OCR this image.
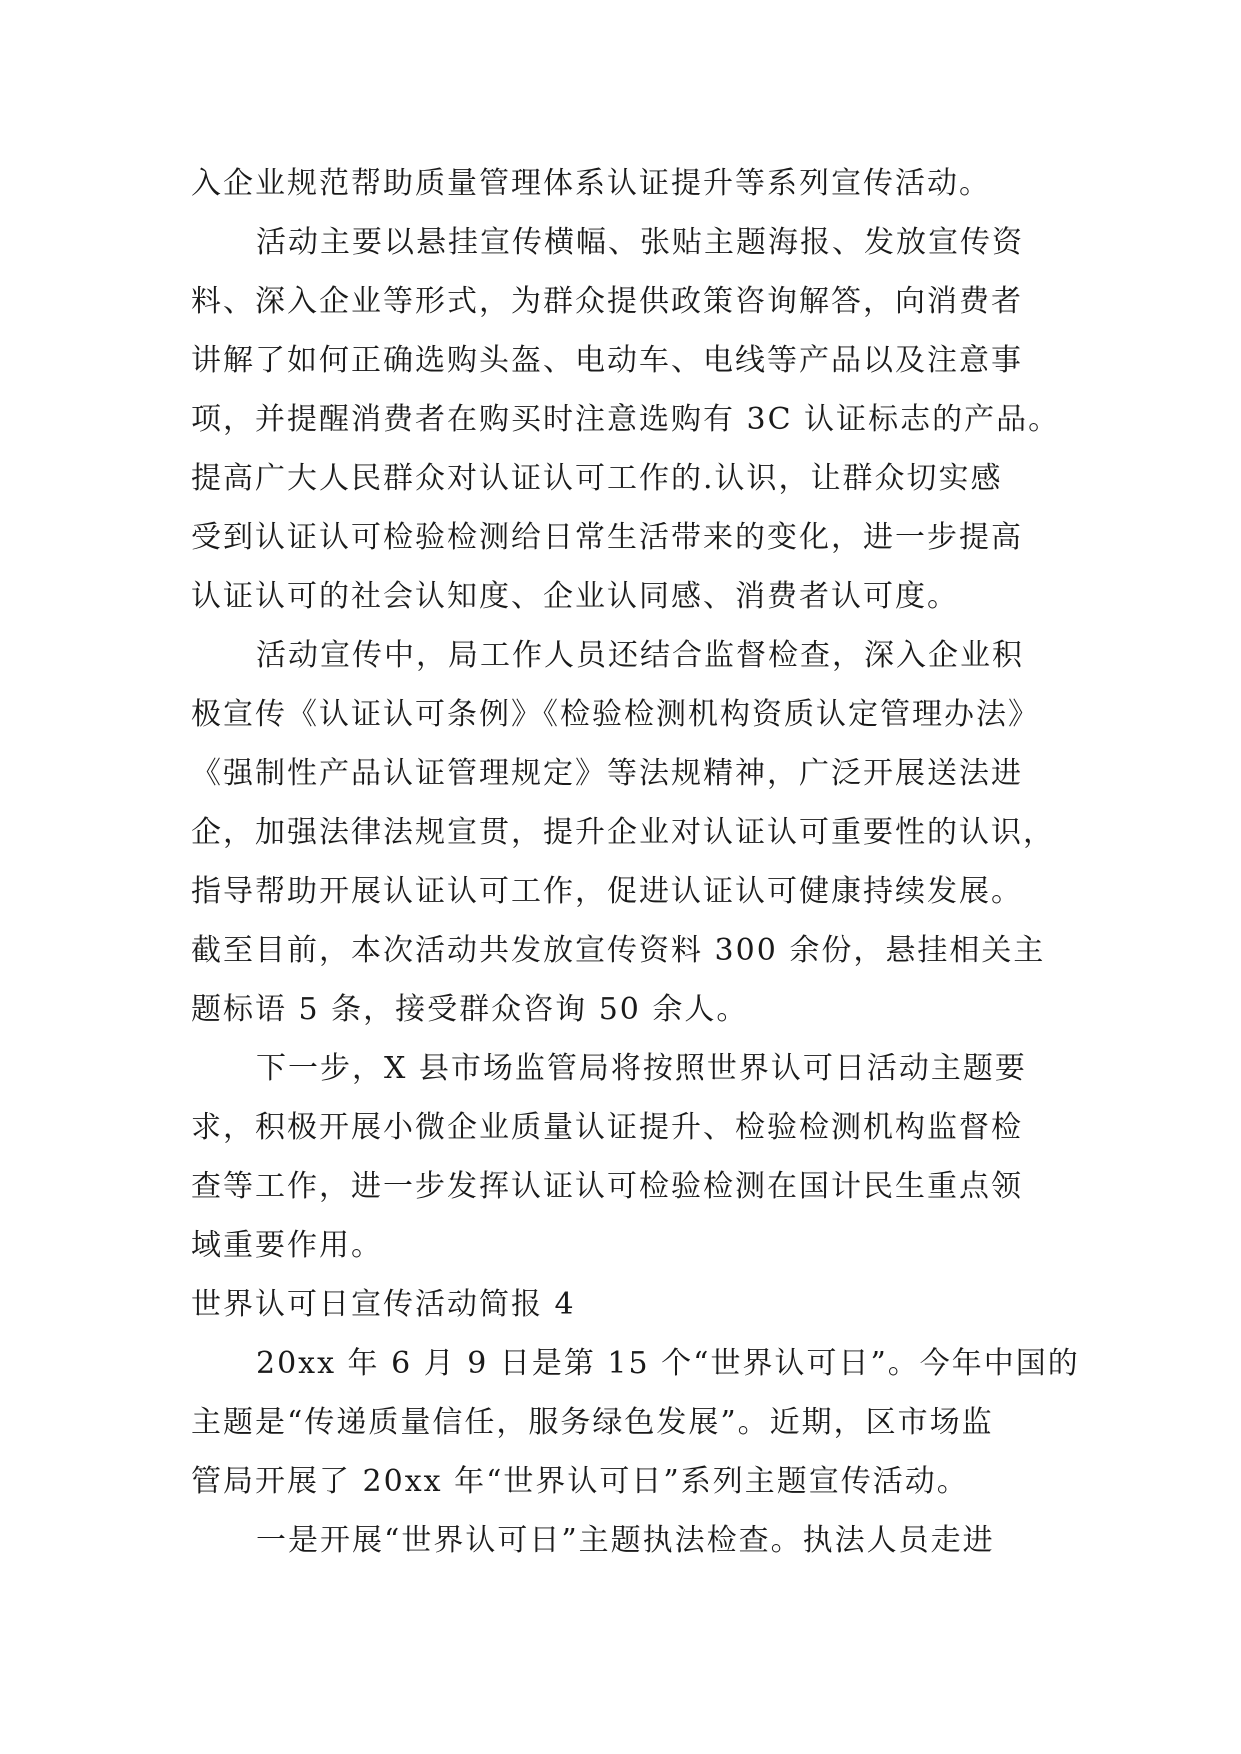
入企业规范帮助质量管理体系认证提升等系列宣传活动。
活动主要以悬挂宣传横幅、张贴主题海报、发放宣传资
料、深入企业等形式，为群众提供政策咨询解答，向消费者
讲解了如何正确选购头盔、电动车、电线等产品以及注意事
项，并提醒消费者在购买时注意选购有 3C 认证标志的产品。
提高广大人民群众对认证认可工作的.认识，让群众切实感
受到认证认可检验检测给日常生活带来的变化，进一步提高
认证认可的社会认知度、企业认同感、消费者认可度。
活动宣传中，局工作人员还结合监督检查，深入企业积
极宣传《认证认可条例》《检验检测机构资质认定管理办法》
《强制性产品认证管理规定》等法规精神，广泛开展送法进
企，加强法律法规宣贯，提升企业对认证认可重要性的认识，
指导帮助开展认证认可工作，促进认证认可健康持续发展。
截至目前，本次活动共发放宣传资料 300 余份，悬挂相关主
题标语 5 条，接受群众咨询 50 余人。
下一步，X 县市场监管局将按照世界认可日活动主题要
求，积极开展小微企业质量认证提升、检验检测机构监督检
查等工作，进一步发挥认证认可检验检测在国计民生重点领
域重要作用。
世界认可日宣传活动简报 4
20xx 年 6 月 9 日是第 15 个“世界认可日”。今年中国的
主题是“传递质量信任，服务绿色发展”。近期，区市场监
管局开展了 20xx 年“世界认可日”系列主题宣传活动。
一是开展“世界认可日”主题执法检查。执法人员走进
